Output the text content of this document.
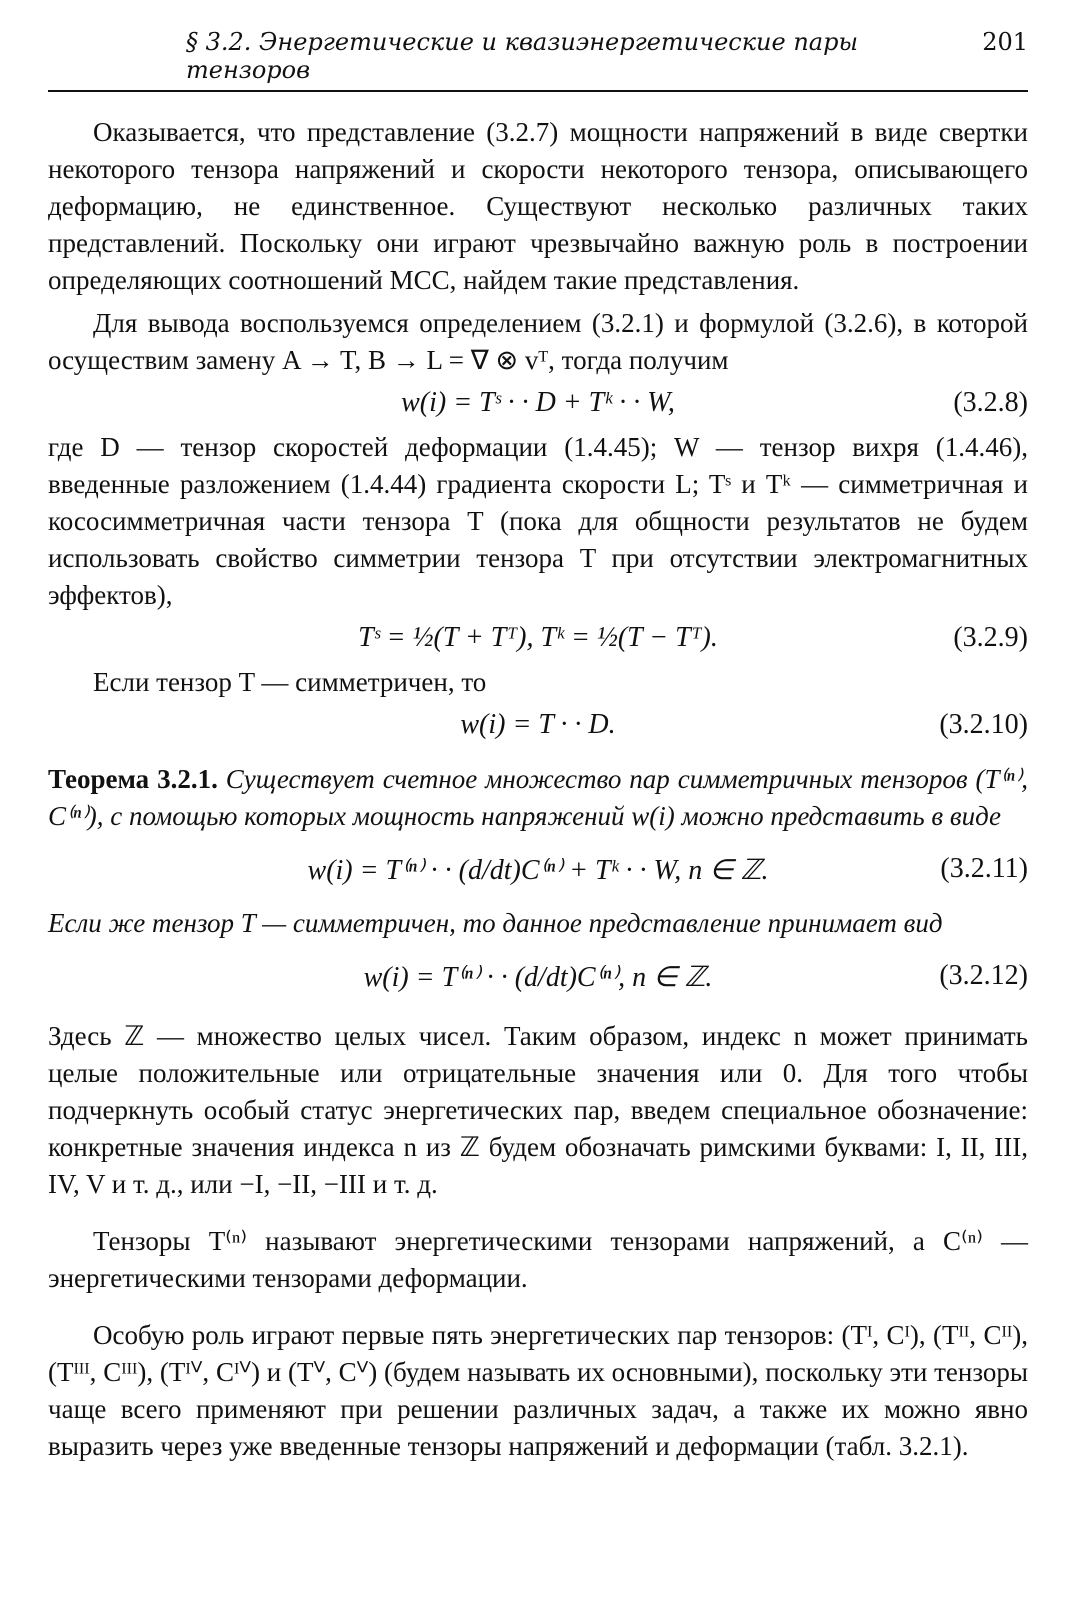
§ 3.2. Энергетические и квазиэнергетические пары тензоров
201

Оказывается, что представление (3.2.7) мощности напряжений в виде свертки некоторого тензора напряжений и скорости некоторого тензора, описывающего деформацию, не единственное. Существуют несколько различных таких представлений. Поскольку они играют чрезвычайно важную роль в построении определяющих соотношений МСС, найдем такие представления.

Для вывода воспользуемся определением (3.2.1) и формулой (3.2.6), в которой осуществим замену A → T, B → L = ∇ ⊗ vᵀ, тогда получим

w(i) = Tˢ · · D + Tᵏ · · W,	(3.2.8)

где D — тензор скоростей деформации (1.4.45); W — тензор вихря (1.4.46), введенные разложением (1.4.44) градиента скорости L; Tˢ и Tᵏ — симметричная и кососимметричная части тензора T (пока для общности результатов не будем использовать свойство симметрии тензора T при отсутствии электромагнитных эффектов),

Tˢ = ½(T + Tᵀ), Tᵏ = ½(T − Tᵀ).	(3.2.9)

Если тензор T — симметричен, то

w(i) = T · · D.	(3.2.10)

Теорема 3.2.1. Существует счетное множество пар симметричных тензоров (T⁽ⁿ⁾, C⁽ⁿ⁾), с помощью которых мощность напряжений w(i) можно представить в виде

w(i) = T⁽ⁿ⁾ · · (d/dt)C⁽ⁿ⁾ + Tᵏ · · W, n ∈ ℤ.	(3.2.11)

Если же тензор T — симметричен, то данное представление принимает вид

w(i) = T⁽ⁿ⁾ · · (d/dt)C⁽ⁿ⁾, n ∈ ℤ.	(3.2.12)

Здесь ℤ — множество целых чисел. Таким образом, индекс n может принимать целые положительные или отрицательные значения или 0. Для того чтобы подчеркнуть особый статус энергетических пар, введем специальное обозначение: конкретные значения индекса n из ℤ будем обозначать римскими буквами: I, II, III, IV, V и т. д., или −I, −II, −III и т. д.

Тензоры T⁽ⁿ⁾ называют энергетическими тензорами напряжений, а C⁽ⁿ⁾ — энергетическими тензорами деформации.

Особую роль играют первые пять энергетических пар тензоров: (Tᴵ, Cᴵ), (Tᴵᴵ, Cᴵᴵ), (Tᴵᴵᴵ, Cᴵᴵᴵ), (Tᴵⱽ, Cᴵⱽ) и (Tⱽ, Cⱽ) (будем называть их основными), поскольку эти тензоры чаще всего применяют при решении различных задач, а также их можно явно выразить через уже введенные тензоры напряжений и деформации (табл. 3.2.1).
